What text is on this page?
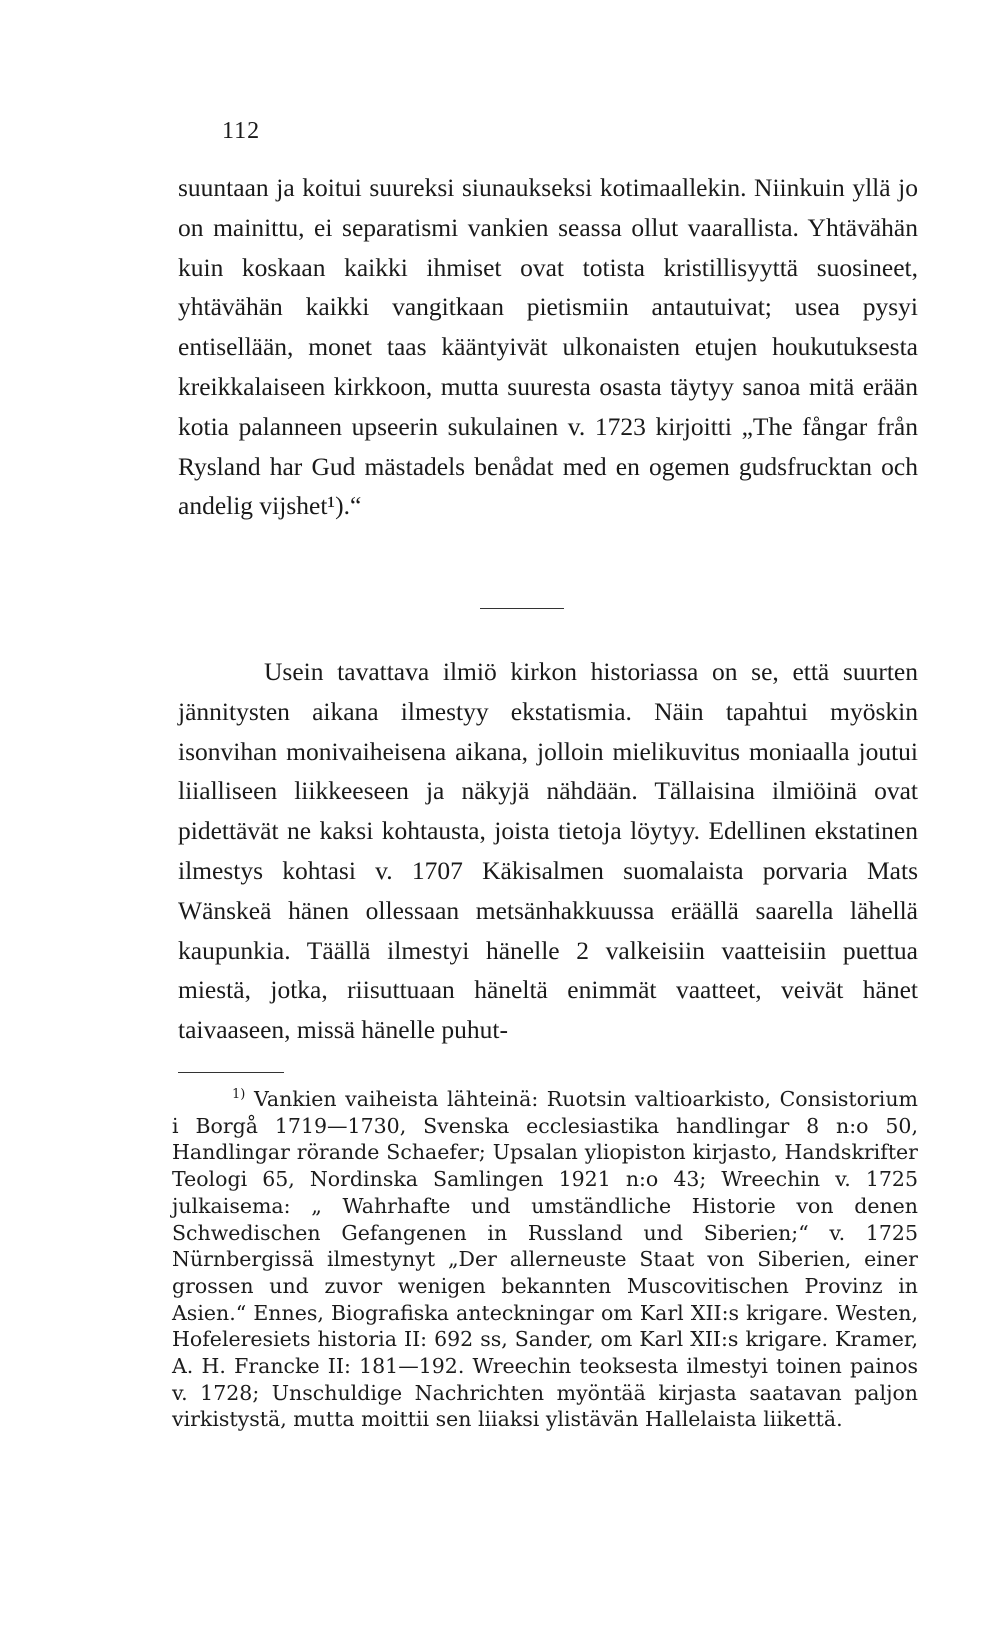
112

suuntaan ja koitui suureksi siunaukseksi kotimaallekin. Niinkuin yllä jo on mainittu, ei separatismi vankien seassa ollut vaarallista. Yhtävähän kuin koskaan kaikki ihmiset ovat totista kristillisyyttä suosineet, yhtävähän kaikki vangitkaan pietismiin antautuivat; usea pysyi entisellään, monet taas kääntyivät ulkonaisten etujen houkutuksesta kreikkalaiseen kirkkoon, mutta suuresta osasta täytyy sanoa mitä erään kotia palanneen upseerin sukulainen v. 1723 kirjoitti „The fångar från Rysland har Gud mästadels benådat med en ogemen gudsfrucktan och andelig vijshet¹).“

Usein tavattava ilmiö kirkon historiassa on se, että suurten jännitysten aikana ilmestyy ekstatismia. Näin tapahtui myöskin isonvihan monivaiheisena aikana, jolloin mielikuvitus moniaalla joutui liialliseen liikkeeseen ja näkyjä nähdään. Tällaisina ilmiöinä ovat pidettävät ne kaksi kohtausta, joista tietoja löytyy. Edellinen ekstatinen ilmestys kohtasi v. 1707 Käkisalmen suomalaista porvaria Mats Wänskeä hänen ollessaan metsänhakkuussa eräällä saarella lähellä kaupunkia. Täällä ilmestyi hänelle 2 valkeisiin vaatteisiin puettua miestä, jotka, riisuttuaan häneltä enimmät vaatteet, veivät hänet taivaaseen, missä hänelle puhut-

$^{1)}$ Vankien vaiheista lähteinä: Ruotsin valtioarkisto, Consistorium i Borgå 1719—1730, Svenska ecclesiastika handlingar 8 n:o 50, Handlingar rörande Schaefer; Upsalan yliopiston kirjasto, Handskrifter Teologi 65, Nordinska Samlingen 1921 n:o 43; Wreechin v. 1725 julkaisema: „ Wahrhafte und umständliche Historie von denen Schwedischen Gefangenen in Russland und Siberien;“ v. 1725 Nürnbergissä ilmestynyt „Der allerneuste Staat von Siberien, einer grossen und zuvor wenigen bekannten Muscovitischen Provinz in Asien.“ Ennes, Biografiska anteckningar om Karl XII:s krigare. Westen, Hofeleresiets historia II: 692 ss, Sander, om Karl XII:s krigare. Kramer, A. H. Francke II: 181—192. Wreechin teoksesta ilmestyi toinen painos v. 1728; Unschuldige Nachrichten myöntää kirjasta saatavan paljon virkistystä, mutta moittii sen liiaksi ylistävän Hallelaista liikettä.
